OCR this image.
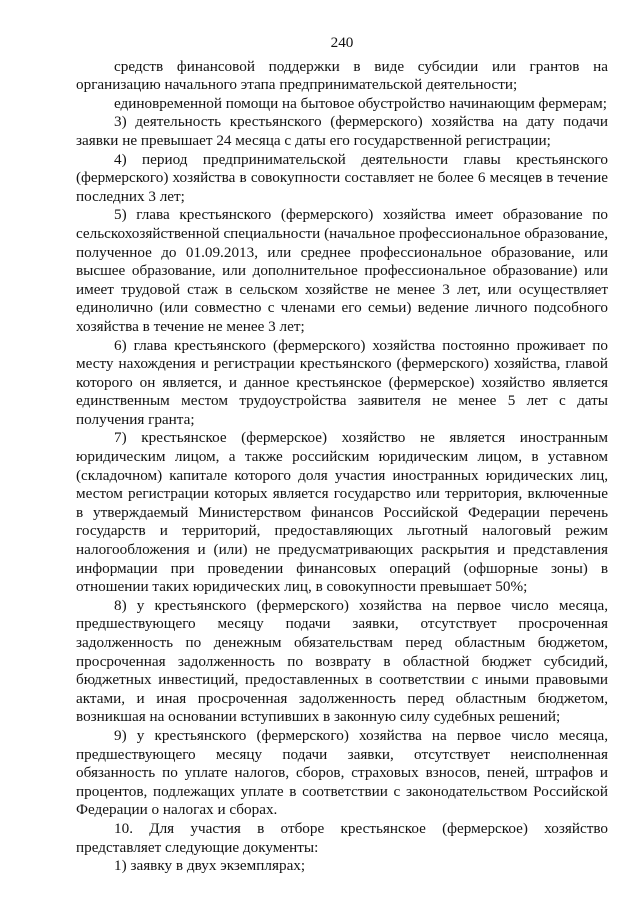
240

средств финансовой поддержки в виде субсидии или грантов на организацию начального этапа предпринимательской деятельности;

единовременной помощи на бытовое обустройство начинающим фермерам;

3) деятельность крестьянского (фермерского) хозяйства на дату подачи заявки не превышает 24 месяца с даты его государственной регистрации;

4) период предпринимательской деятельности главы крестьянского (фермерского) хозяйства в совокупности составляет не более 6 месяцев в течение последних 3 лет;

5) глава крестьянского (фермерского) хозяйства имеет образование по сельскохозяйственной специальности (начальное профессиональное образование, полученное до 01.09.2013, или среднее профессиональное образование, или высшее образование, или дополнительное профессиональное образование) или имеет трудовой стаж в сельском хозяйстве не менее 3 лет, или осуществляет единолично (или совместно с членами его семьи) ведение личного подсобного хозяйства в течение не менее 3 лет;

6) глава крестьянского (фермерского) хозяйства постоянно проживает по месту нахождения и регистрации крестьянского (фермерского) хозяйства, главой которого он является, и данное крестьянское (фермерское) хозяйство является единственным местом трудоустройства заявителя не менее 5 лет с даты получения гранта;

7) крестьянское (фермерское) хозяйство не является иностранным юридическим лицом, а также российским юридическим лицом, в уставном (складочном) капитале которого доля участия иностранных юридических лиц, местом регистрации которых является государство или территория, включенные в утверждаемый Министерством финансов Российской Федерации перечень государств и территорий, предоставляющих льготный налоговый режим налогообложения и (или) не предусматривающих раскрытия и представления информации при проведении финансовых операций (офшорные зоны) в отношении таких юридических лиц, в совокупности превышает 50%;

8) у крестьянского (фермерского) хозяйства на первое число месяца, предшествующего месяцу подачи заявки, отсутствует просроченная задолженность по денежным обязательствам перед областным бюджетом, просроченная задолженность по возврату в областной бюджет субсидий, бюджетных инвестиций, предоставленных в соответствии с иными правовыми актами, и иная просроченная задолженность перед областным бюджетом, возникшая на основании вступивших в законную силу судебных решений;

9) у крестьянского (фермерского) хозяйства на первое число месяца, предшествующего месяцу подачи заявки, отсутствует неисполненная обязанность по уплате налогов, сборов, страховых взносов, пеней, штрафов и процентов, подлежащих уплате в соответствии с законодательством Российской Федерации о налогах и сборах.

10. Для участия в отборе крестьянское (фермерское) хозяйство представляет следующие документы:

1) заявку в двух экземплярах;
